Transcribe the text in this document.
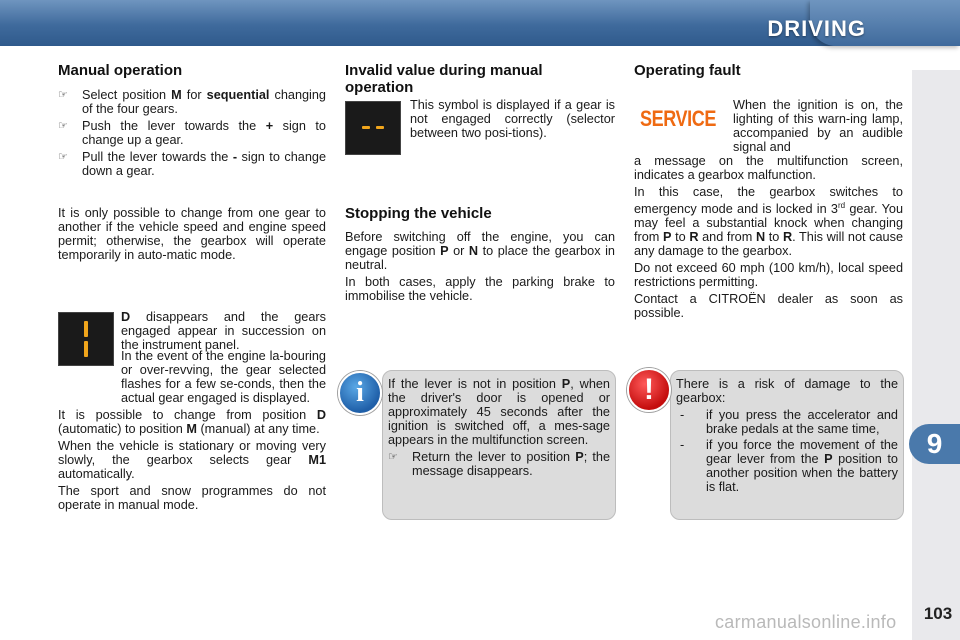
DRIVING
9
103
carmanualsonline.info
Manual operation
☞ Select position M for sequential changing of the four gears.
☞ Push the lever towards the + sign to change up a gear.
☞ Pull the lever towards the - sign to change down a gear.

It is only possible to change from one gear to another if the vehicle speed and engine speed permit; otherwise, the gearbox will operate temporarily in auto-matic mode.

D disappears and the gears engaged appear in succession on the instrument panel.

In the event of the engine la-bouring or over-revving, the gear selected flashes for a few se-conds, then the actual gear engaged is displayed.

It is possible to change from position D (automatic) to position M (manual) at any time.

When the vehicle is stationary or moving very slowly, the gearbox selects gear M1 automatically.

The sport and snow programmes do not operate in manual mode.

Invalid value during manual
operation

This symbol is displayed if a gear is not engaged correctly (selector between two posi-tions).

Stopping the vehicle

Before switching off the engine, you can engage position P or N to place the gearbox in neutral.

In both cases, apply the parking brake to immobilise the vehicle.

i	If the lever is not in position P, when the driver's door is opened or approximately 45 seconds after the ignition is switched off, a mes-sage appears in the multifunction screen.

☞ Return the lever to position P; the message disappears.
Operating fault
SERVICE

When the ignition is on, the lighting of this warn-ing lamp, accompanied by an audible signal and

a message on the multifunction screen, indicates a gearbox malfunction.

In this case, the gearbox switches to emergency mode and is locked in 3rd gear. You may feel a substantial knock when changing from P to R and from N to R. This will not cause any damage to the gearbox.

Do not exceed 60 mph (100 km/h), local speed restrictions permitting.

Contact a CITROËN dealer as soon as possible.

!	There is a risk of damage to the gearbox:

- if you press the accelerator and brake pedals at the same time,
- if you force the movement of the gear lever from the P position to another position when the battery is flat.
